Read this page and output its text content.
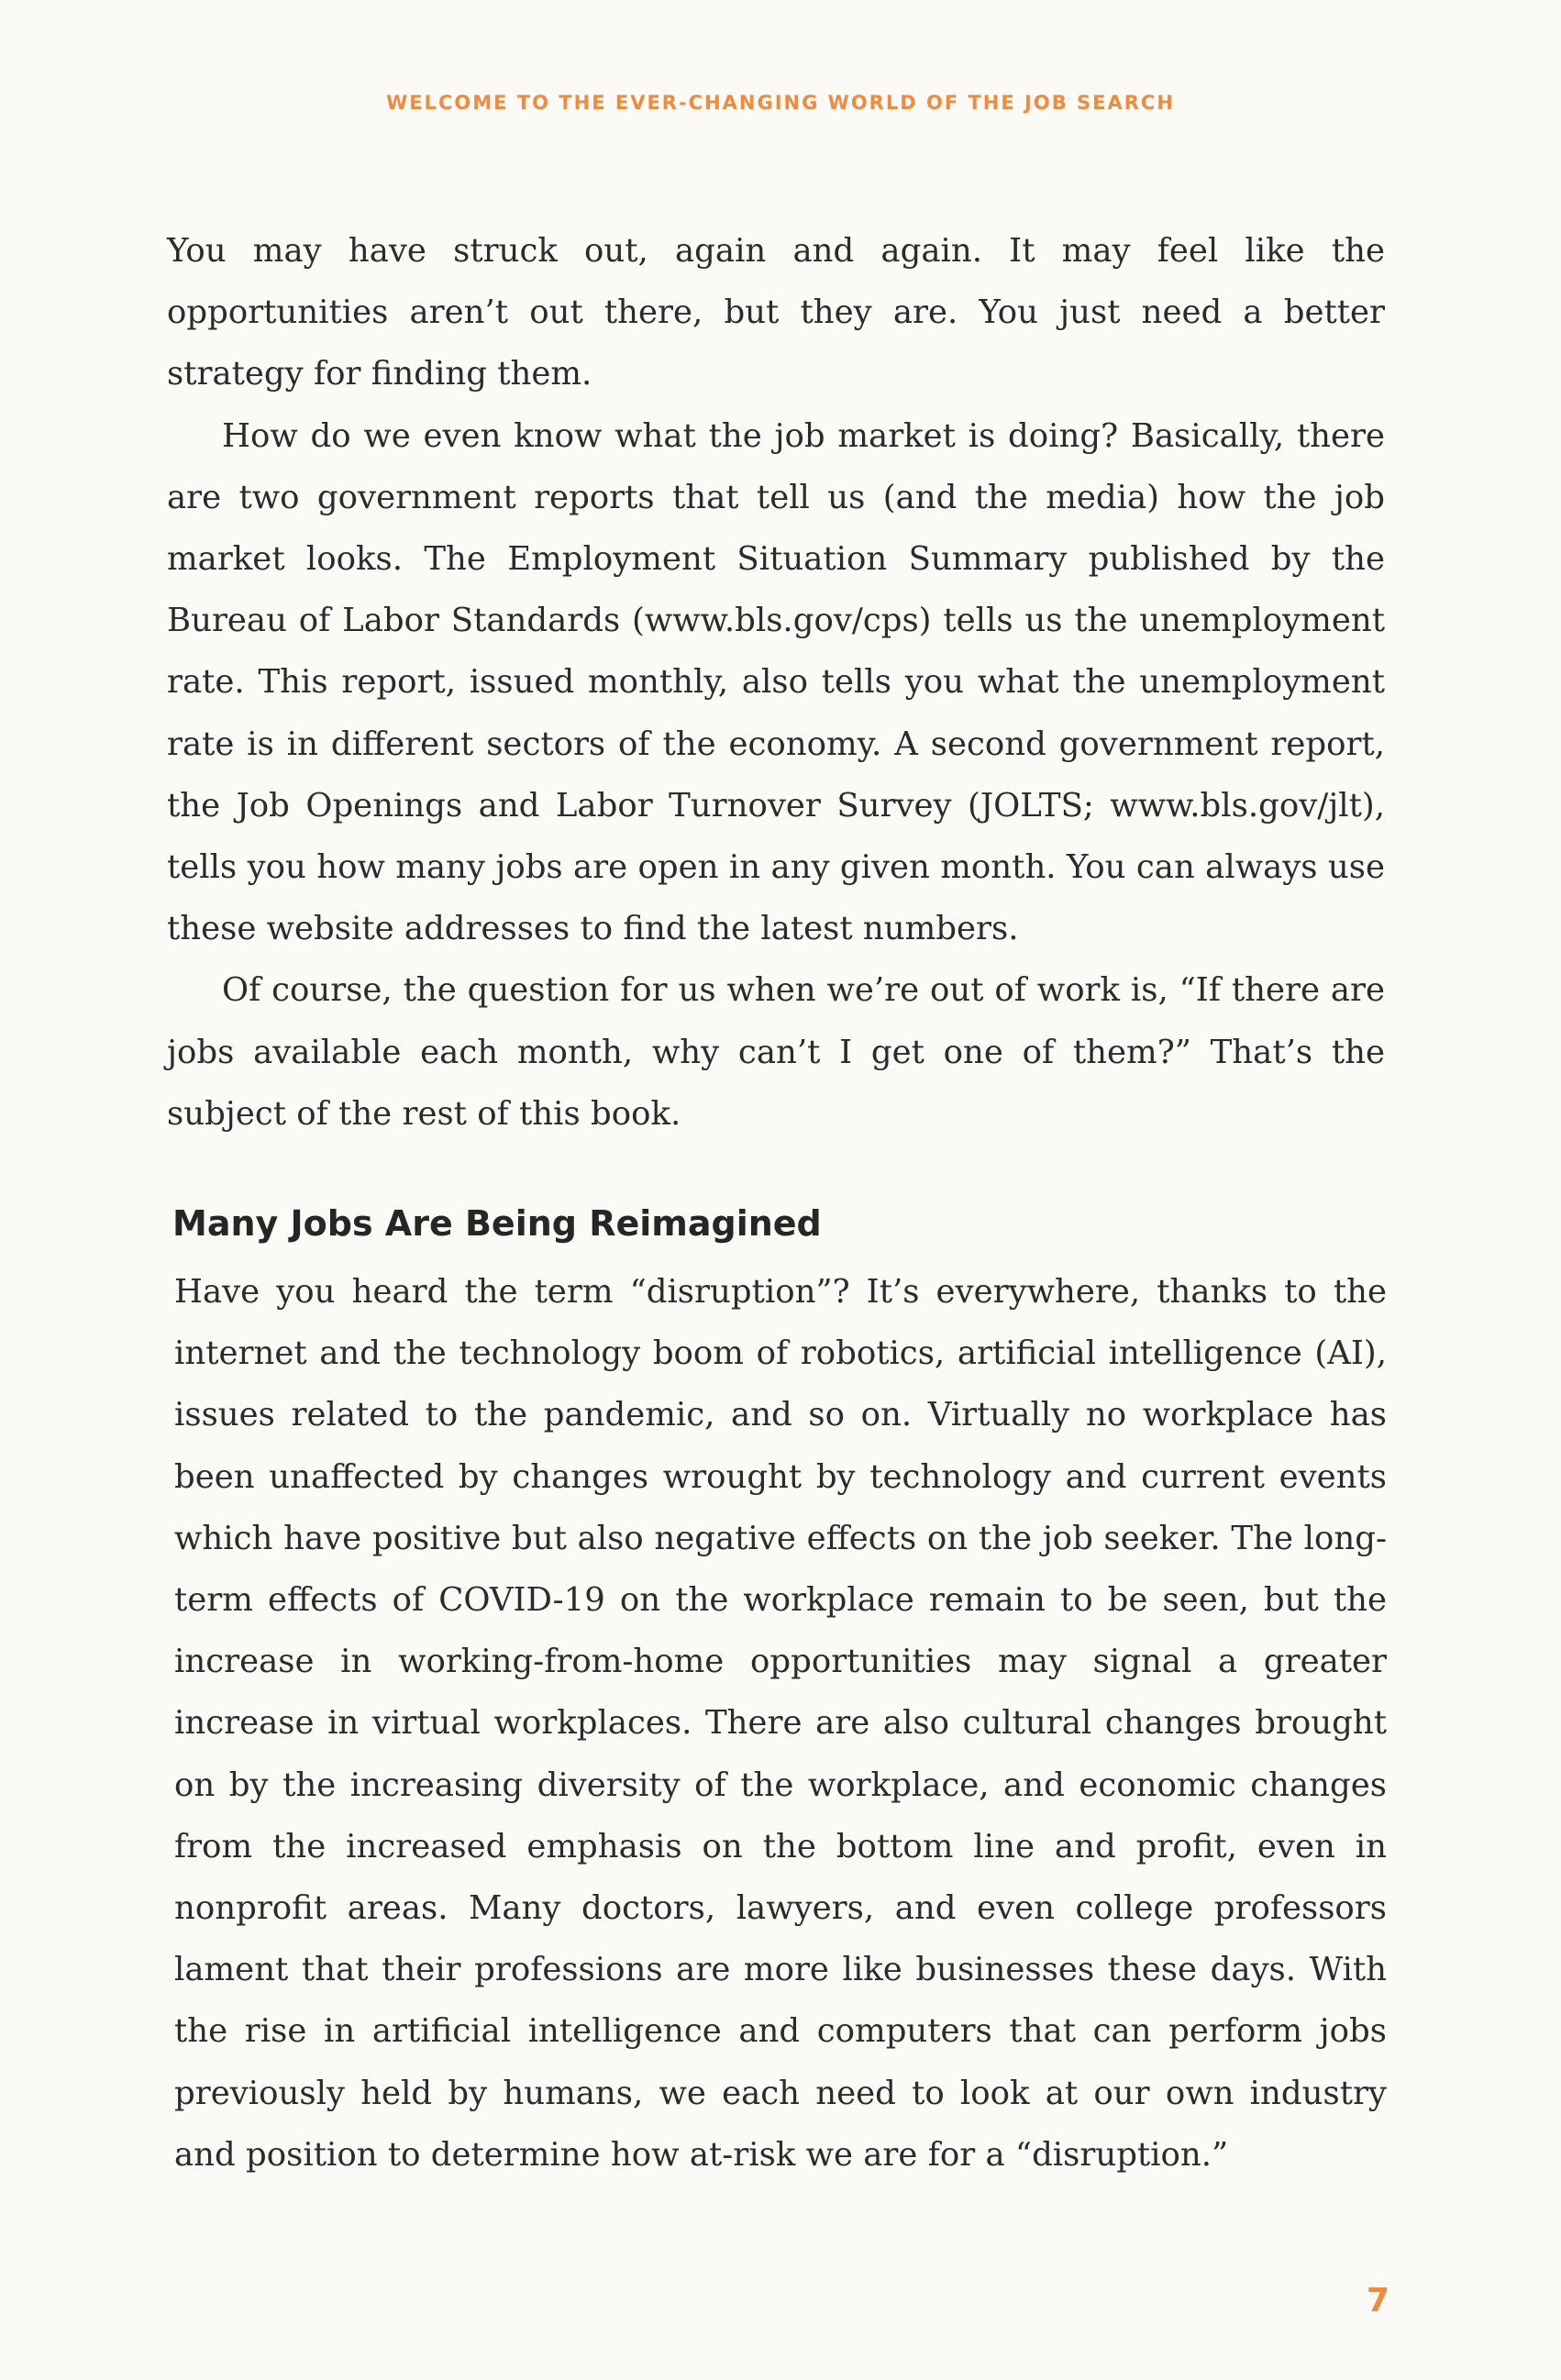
WELCOME TO THE EVER-CHANGING WORLD OF THE JOB SEARCH

You may have struck out, again and again. It may feel like the opportunities aren’t out there, but they are. You just need a better strategy for finding them.

How do we even know what the job market is doing? Basically, there are two government reports that tell us (and the media) how the job market looks. The Employment Situation Summary published by the Bureau of Labor Standards (www.bls.gov/cps) tells us the unemployment rate. This report, issued monthly, also tells you what the unemployment rate is in different sectors of the economy. A second government report, the Job Openings and Labor Turnover Survey (JOLTS; www.bls.gov/jlt), tells you how many jobs are open in any given month. You can always use these website addresses to find the latest numbers.

Of course, the question for us when we’re out of work is, “If there are jobs available each month, why can’t I get one of them?” That’s the subject of the rest of this book.

Many Jobs Are Being Reimagined

Have you heard the term “disruption”? It’s everywhere, thanks to the internet and the technology boom of robotics, artificial intelligence (AI), issues related to the pandemic, and so on. Virtually no workplace has been unaffected by changes wrought by technology and current events which have positive but also negative effects on the job seeker. The long-term effects of COVID-19 on the workplace remain to be seen, but the increase in working-from-home opportunities may signal a greater increase in virtual workplaces. There are also cultural changes brought on by the increasing diversity of the workplace, and economic changes from the increased emphasis on the bottom line and profit, even in nonprofit areas. Many doctors, lawyers, and even college professors lament that their professions are more like businesses these days. With the rise in artificial intelligence and computers that can perform jobs previously held by humans, we each need to look at our own industry and position to determine how at-risk we are for a “disruption.”

7
